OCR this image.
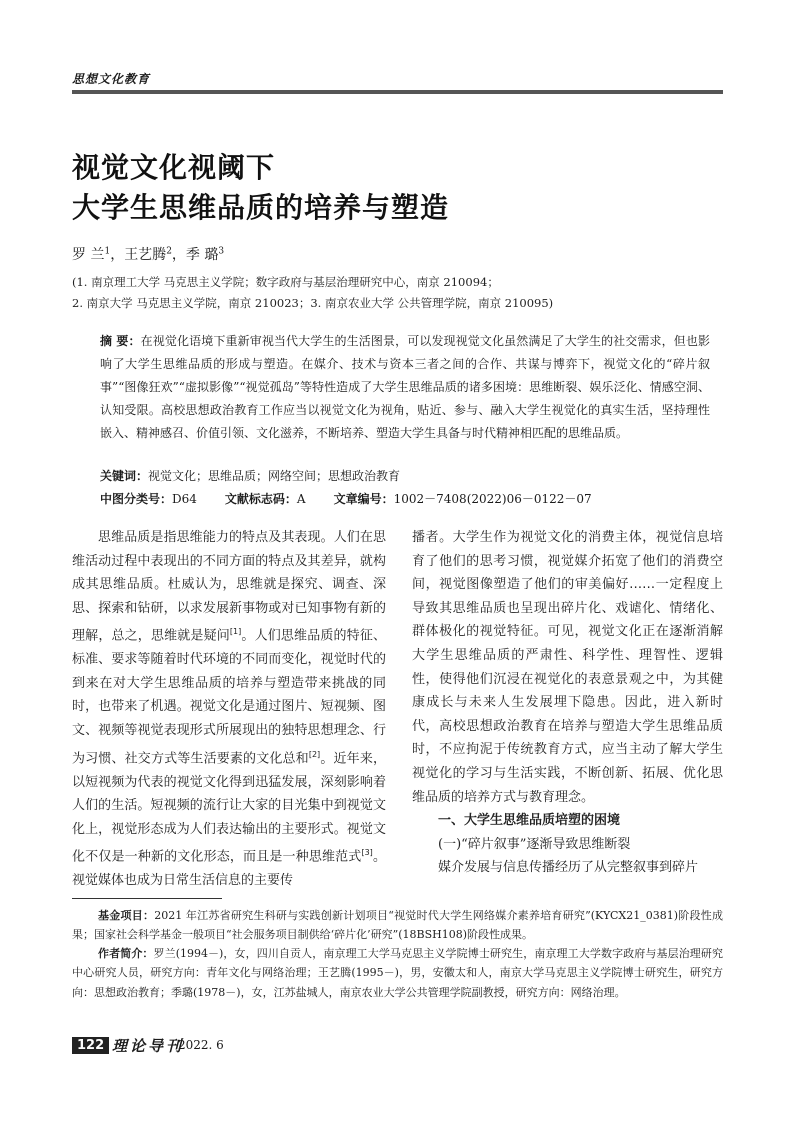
思想文化教育
视觉文化视阈下
大学生思维品质的培养与塑造
罗 兰$^1$，王艺腾$^2$，季 璐$^3$
(1. 南京理工大学 马克思主义学院；数字政府与基层治理研究中心，南京 210094；
2. 南京大学 马克思主义学院，南京 210023；3. 南京农业大学 公共管理学院，南京 210095)
摘 要：在视觉化语境下重新审视当代大学生的生活图景，可以发现视觉文化虽然满足了大学生的社交需求，但也影响了大学生思维品质的形成与塑造。在媒介、技术与资本三者之间的合作、共谋与博弈下，视觉文化的“碎片叙事”“图像狂欢”“虚拟影像”“视觉孤岛”等特性造成了大学生思维品质的诸多困境：思维断裂、娱乐泛化、情感空洞、认知受限。高校思想政治教育工作应当以视觉文化为视角，贴近、参与、融入大学生视觉化的真实生活，坚持理性嵌入、精神感召、价值引领、文化滋养，不断培养、塑造大学生具备与时代精神相匹配的思维品质。
关键词：视觉文化；思维品质；网络空间；思想政治教育
中图分类号：D64 文献标志码：A 文章编号：1002－7408(2022)06－0122－07

思维品质是指思维能力的特点及其表现。人们在思维活动过程中表现出的不同方面的特点及其差异，就构成其思维品质。杜威认为，思维就是探究、调查、深思、探索和钻研，以求发展新事物或对已知事物有新的理解，总之，思维就是疑问[1]。人们思维品质的特征、标准、要求等随着时代环境的不同而变化，视觉时代的到来在对大学生思维品质的培养与塑造带来挑战的同时，也带来了机遇。视觉文化是通过图片、短视频、图文、视频等视觉表现形式所展现出的独特思想理念、行为习惯、社交方式等生活要素的文化总和[2]。近年来，以短视频为代表的视觉文化得到迅猛发展，深刻影响着人们的生活。短视频的流行让大家的目光集中到视觉文化上，视觉形态成为人们表达输出的主要形式。视觉文化不仅是一种新的文化形态，而且是一种思维范式[3]。视觉媒体也成为日常生活信息的主要传

播者。大学生作为视觉文化的消费主体，视觉信息培育了他们的思考习惯，视觉媒介拓宽了他们的消费空间，视觉图像塑造了他们的审美偏好……一定程度上导致其思维品质也呈现出碎片化、戏谑化、情绪化、群体极化的视觉特征。可见，视觉文化正在逐渐消解大学生思维品质的严肃性、科学性、理智性、逻辑性，使得他们沉浸在视觉化的表意景观之中，为其健康成长与未来人生发展埋下隐患。因此，进入新时代，高校思想政治教育在培养与塑造大学生思维品质时，不应拘泥于传统教育方式，应当主动了解大学生视觉化的学习与生活实践，不断创新、拓展、优化思维品质的培养方式与教育理念。

一、大学生思维品质培塑的困境

(一)“碎片叙事”逐渐导致思维断裂

媒介发展与信息传播经历了从完整叙事到碎片

基金项目：2021 年江苏省研究生科研与实践创新计划项目“视觉时代大学生网络媒介素养培育研究”(KYCX21_0381)阶段性成果；国家社会科学基金一般项目“社会服务项目制供给‘碎片化’研究”(18BSH108)阶段性成果。
作者简介：罗兰(1994－)，女，四川自贡人，南京理工大学马克思主义学院博士研究生，南京理工大学数字政府与基层治理研究中心研究人员，研究方向：青年文化与网络治理；王艺腾(1995－)，男，安徽太和人，南京大学马克思主义学院博士研究生，研究方向：思想政治教育；季璐(1978－)，女，江苏盐城人，南京农业大学公共管理学院副教授，研究方向：网络治理。
122 理论导刊
2022. 6
